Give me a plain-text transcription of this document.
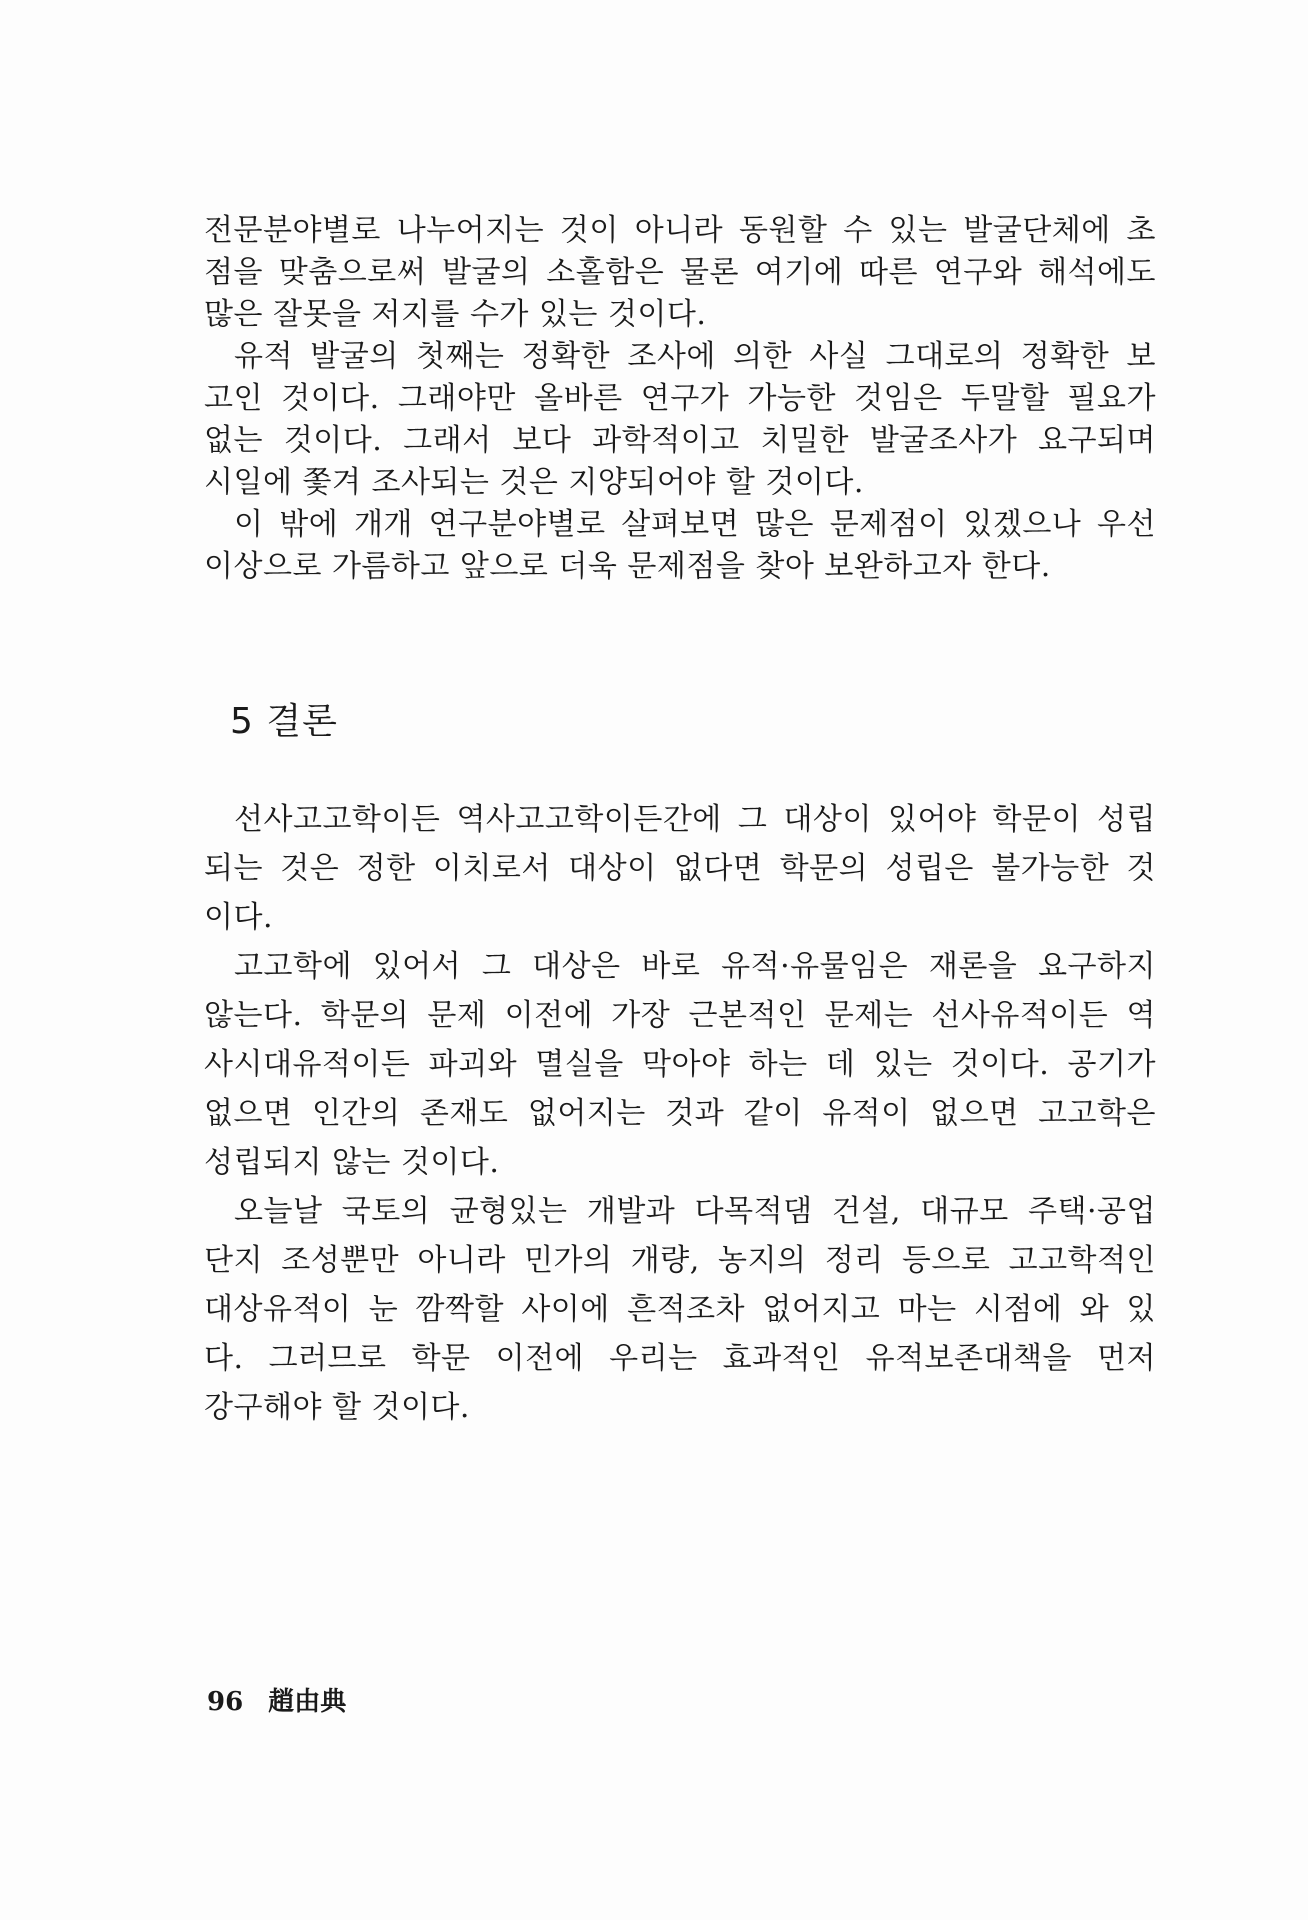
전문분야별로 나누어지는 것이 아니라 동원할 수 있는 발굴단체에 초
점을 맞춤으로써 발굴의 소홀함은 물론 여기에 따른 연구와 해석에도
많은 잘못을 저지를 수가 있는 것이다.
유적 발굴의 첫째는 정확한 조사에 의한 사실 그대로의 정확한 보
고인 것이다. 그래야만 올바른 연구가 가능한 것임은 두말할 필요가
없는 것이다. 그래서 보다 과학적이고 치밀한 발굴조사가 요구되며
시일에 쫓겨 조사되는 것은 지양되어야 할 것이다.
이 밖에 개개 연구분야별로 살펴보면 많은 문제점이 있겠으나 우선
이상으로 가름하고 앞으로 더욱 문제점을 찾아 보완하고자 한다.
5 결론
선사고고학이든 역사고고학이든간에 그 대상이 있어야 학문이 성립
되는 것은 정한 이치로서 대상이 없다면 학문의 성립은 불가능한 것
이다.
고고학에 있어서 그 대상은 바로 유적·유물임은 재론을 요구하지
않는다. 학문의 문제 이전에 가장 근본적인 문제는 선사유적이든 역
사시대유적이든 파괴와 멸실을 막아야 하는 데 있는 것이다. 공기가
없으면 인간의 존재도 없어지는 것과 같이 유적이 없으면 고고학은
성립되지 않는 것이다.
오늘날 국토의 균형있는 개발과 다목적댐 건설, 대규모 주택·공업
단지 조성뿐만 아니라 민가의 개량, 농지의 정리 등으로 고고학적인
대상유적이 눈 깜짝할 사이에 흔적조차 없어지고 마는 시점에 와 있
다. 그러므로 학문 이전에 우리는 효과적인 유적보존대책을 먼저
강구해야 할 것이다.
96 趙由典
